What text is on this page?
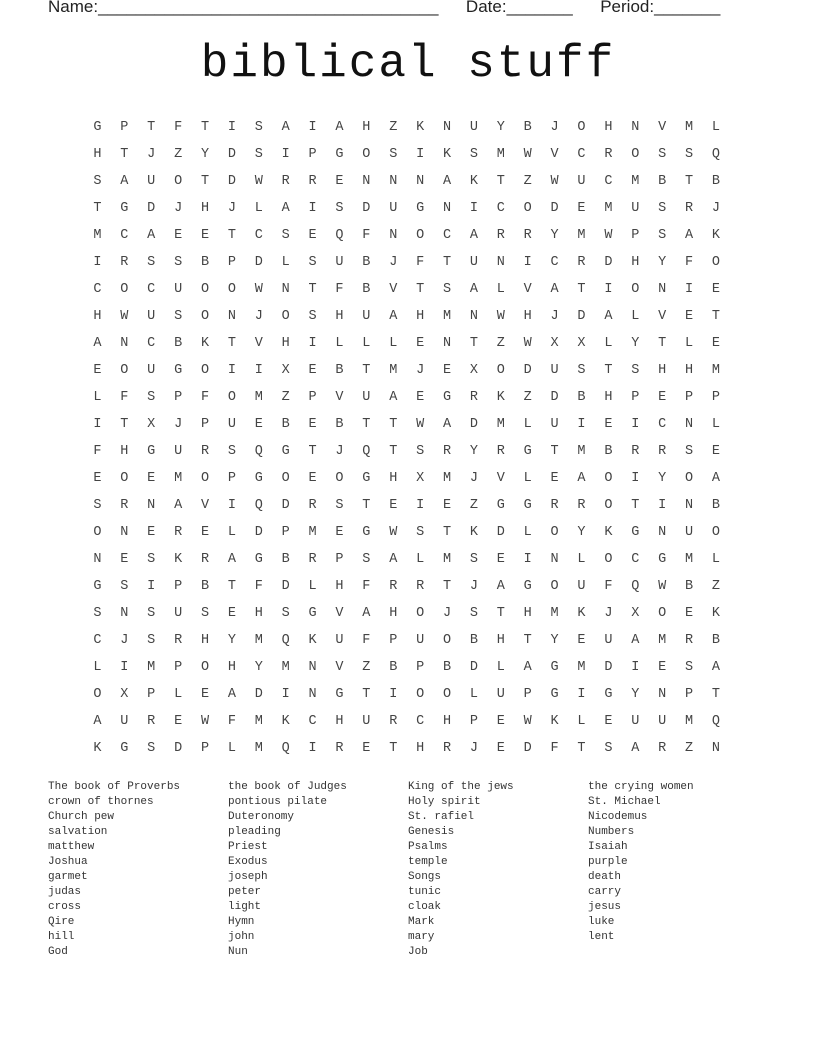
Name:____________________________________ Date:_______ Period:_______
biblical stuff
G	P	T	F	T	I	S	A	I	A	H	Z	K	N	U	Y	B	J	O	H	N	V	M	L
H	T	J	Z	Y	D	S	I	P	G	O	S	I	K	S	M	W	V	C	R	O	S	S	Q
S	A	U	O	T	D	W	R	R	E	N	N	N	A	K	T	Z	W	U	C	M	B	T	B
T	G	D	J	H	J	L	A	I	S	D	U	G	N	I	C	O	D	E	M	U	S	R	J
M	C	A	E	E	T	C	S	E	Q	F	N	O	C	A	R	R	Y	M	W	P	S	A	K
I	R	S	S	B	P	D	L	S	U	B	J	F	T	U	N	I	C	R	D	H	Y	F	O
C	O	C	U	O	O	W	N	T	F	B	V	T	S	A	L	V	A	T	I	O	N	I	E
H	W	U	S	O	N	J	O	S	H	U	A	H	M	N	W	H	J	D	A	L	V	E	T
A	N	C	B	K	T	V	H	I	L	L	L	E	N	T	Z	W	X	X	L	Y	T	L	E
E	O	U	G	O	I	I	X	E	B	T	M	J	E	X	O	D	U	S	T	S	H	H	M
L	F	S	P	F	O	M	Z	P	V	U	A	E	G	R	K	Z	D	B	H	P	E	P	P
I	T	X	J	P	U	E	B	E	B	T	T	W	A	D	M	L	U	I	E	I	C	N	L
F	H	G	U	R	S	Q	G	T	J	Q	T	S	R	Y	R	G	T	M	B	R	R	S	E
E	O	E	M	O	P	G	O	E	O	G	H	X	M	J	V	L	E	A	O	I	Y	O	A
S	R	N	A	V	I	Q	D	R	S	T	E	I	E	Z	G	G	R	R	O	T	I	N	B
O	N	E	R	E	L	D	P	M	E	G	W	S	T	K	D	L	O	Y	K	G	N	U	O
N	E	S	K	R	A	G	B	R	P	S	A	L	M	S	E	I	N	L	O	C	G	M	L
G	S	I	P	B	T	F	D	L	H	F	R	R	T	J	A	G	O	U	F	Q	W	B	Z
S	N	S	U	S	E	H	S	G	V	A	H	O	J	S	T	H	M	K	J	X	O	E	K
C	J	S	R	H	Y	M	Q	K	U	F	P	U	O	B	H	T	Y	E	U	A	M	R	B
L	I	M	P	O	H	Y	M	N	V	Z	B	P	B	D	L	A	G	M	D	I	E	S	A
O	X	P	L	E	A	D	I	N	G	T	I	O	O	L	U	P	G	I	G	Y	N	P	T
A	U	R	E	W	F	M	K	C	H	U	R	C	H	P	E	W	K	L	E	U	U	M	Q
K	G	S	D	P	L	M	Q	I	R	E	T	H	R	J	E	D	F	T	S	A	R	Z	N
The book of Proverbs
crown of thornes
Church pew
salvation
matthew
Joshua
garmet
judas
cross
Qire
hill
God
the book of Judges
pontious pilate
Duteronomy
pleading
Priest
Exodus
joseph
peter
light
Hymn
john
Nun
King of the jews
Holy spirit
St. rafiel
Genesis
Psalms
temple
Songs
tunic
cloak
Mark
mary
Job
the crying women
St. Michael
Nicodemus
Numbers
Isaiah
purple
death
carry
jesus
luke
lent
